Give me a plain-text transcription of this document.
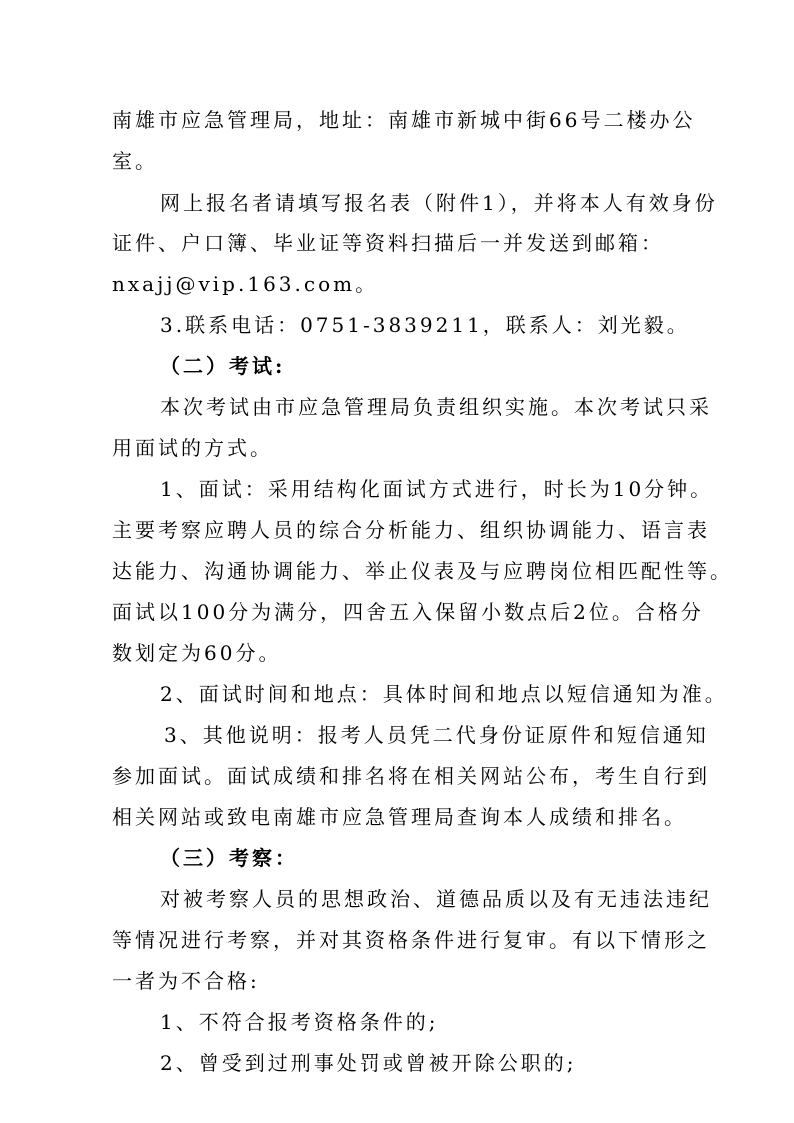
南雄市应急管理局，地址：南雄市新城中街66号二楼办公
室。
网上报名者请填写报名表（附件1），并将本人有效身份
证件、户口簿、毕业证等资料扫描后一并发送到邮箱：
nxajj@vip.163.com。
3.联系电话：0751-3839211，联系人：刘光毅。
（二）考试:
本次考试由市应急管理局负责组织实施。本次考试只采
用面试的方式。
1、面试：采用结构化面试方式进行，时长为10分钟。
主要考察应聘人员的综合分析能力、组织协调能力、语言表
达能力、沟通协调能力、举止仪表及与应聘岗位相匹配性等。
面试以100分为满分，四舍五入保留小数点后2位。合格分
数划定为60分。
2、面试时间和地点：具体时间和地点以短信通知为准。
3、其他说明：报考人员凭二代身份证原件和短信通知
参加面试。面试成绩和排名将在相关网站公布，考生自行到
相关网站或致电南雄市应急管理局查询本人成绩和排名。
（三）考察：
对被考察人员的思想政治、道德品质以及有无违法违纪
等情况进行考察，并对其资格条件进行复审。有以下情形之
一者为不合格:
1、不符合报考资格条件的;
2、曾受到过刑事处罚或曾被开除公职的;
